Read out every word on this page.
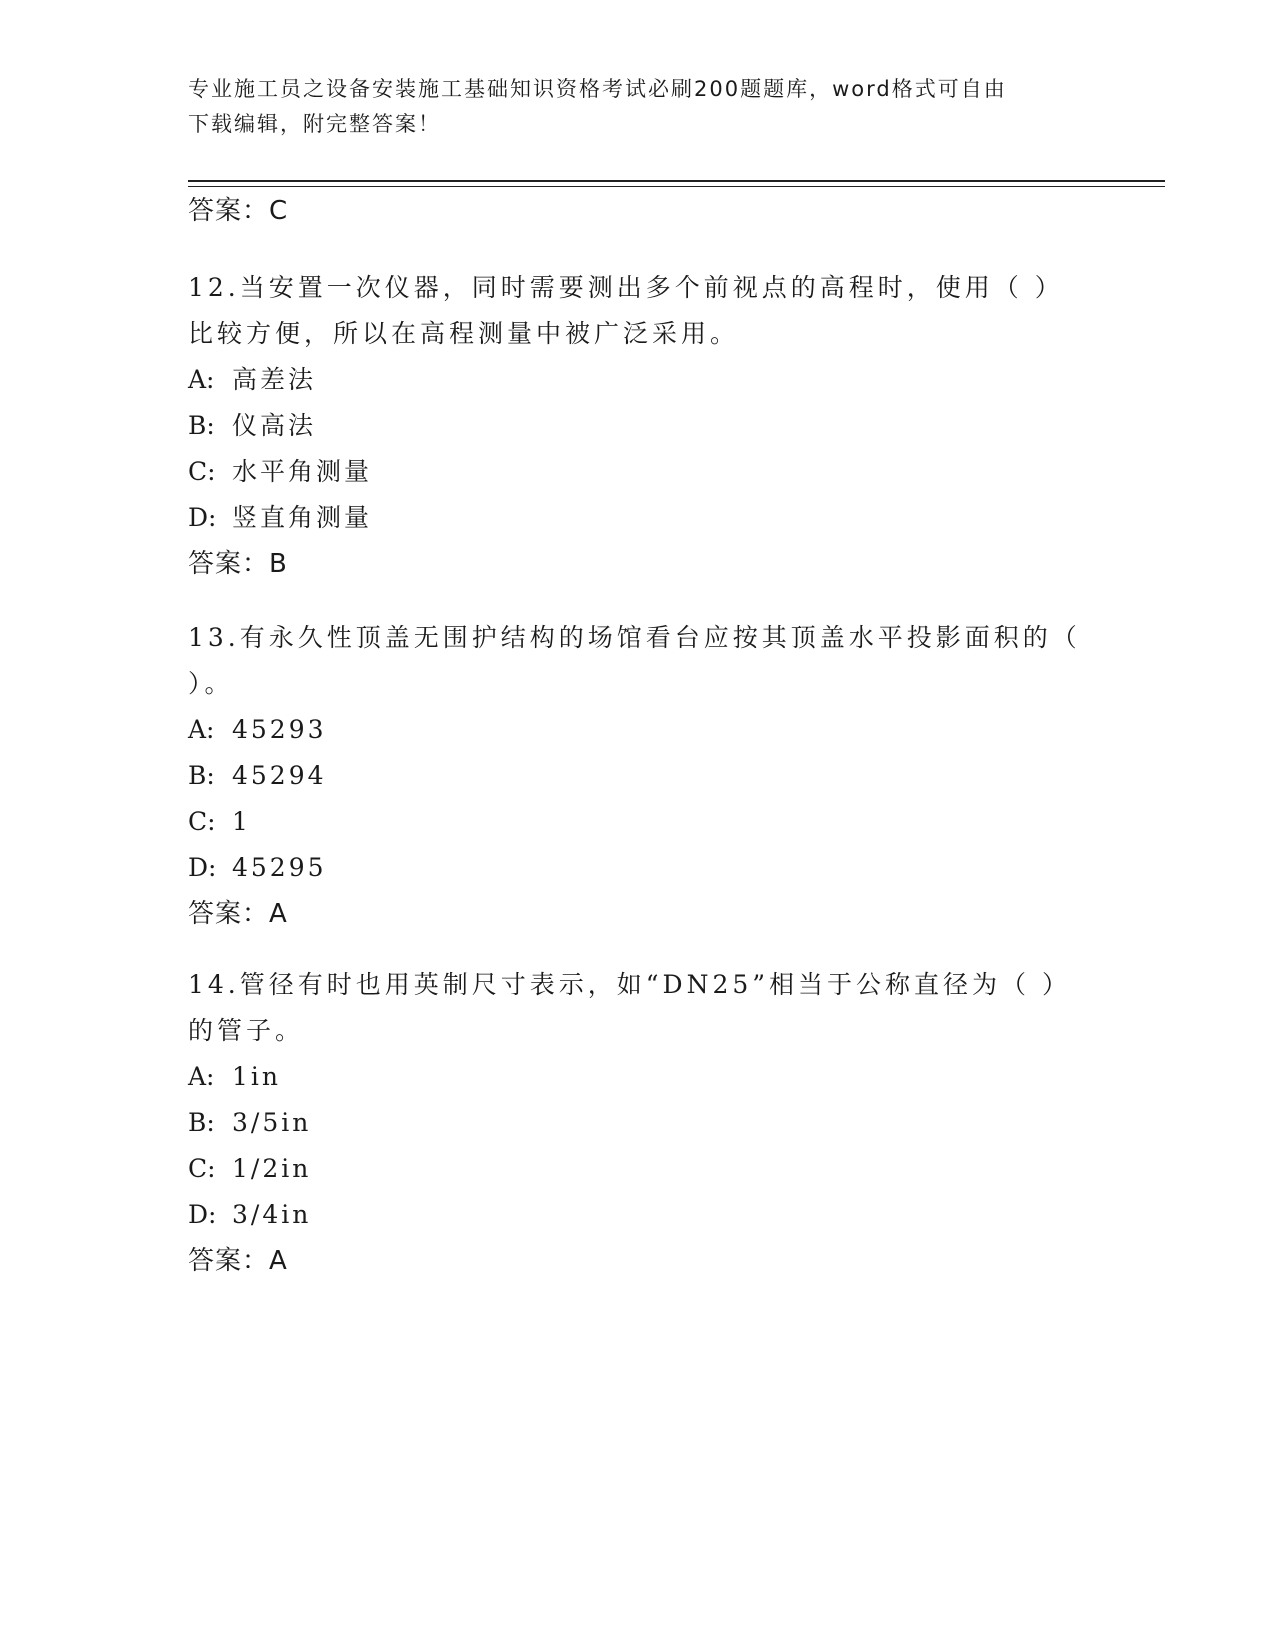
专业施工员之设备安装施工基础知识资格考试必刷200题题库，word格式可自由
下载编辑，附完整答案！
答案：C
12.当安置一次仪器，同时需要测出多个前视点的高程时，使用（ ）
比较方便，所以在高程测量中被广泛采用。
A: 高差法
B: 仪高法
C: 水平角测量
D: 竖直角测量
答案：B
13.有永久性顶盖无围护结构的场馆看台应按其顶盖水平投影面积的（
）。
A: 45293
B: 45294
C: 1
D: 45295
答案：A
14.管径有时也用英制尺寸表示，如“DN25”相当于公称直径为（ ）
的管子。
A: 1in
B: 3/5in
C: 1/2in
D: 3/4in
答案：A
